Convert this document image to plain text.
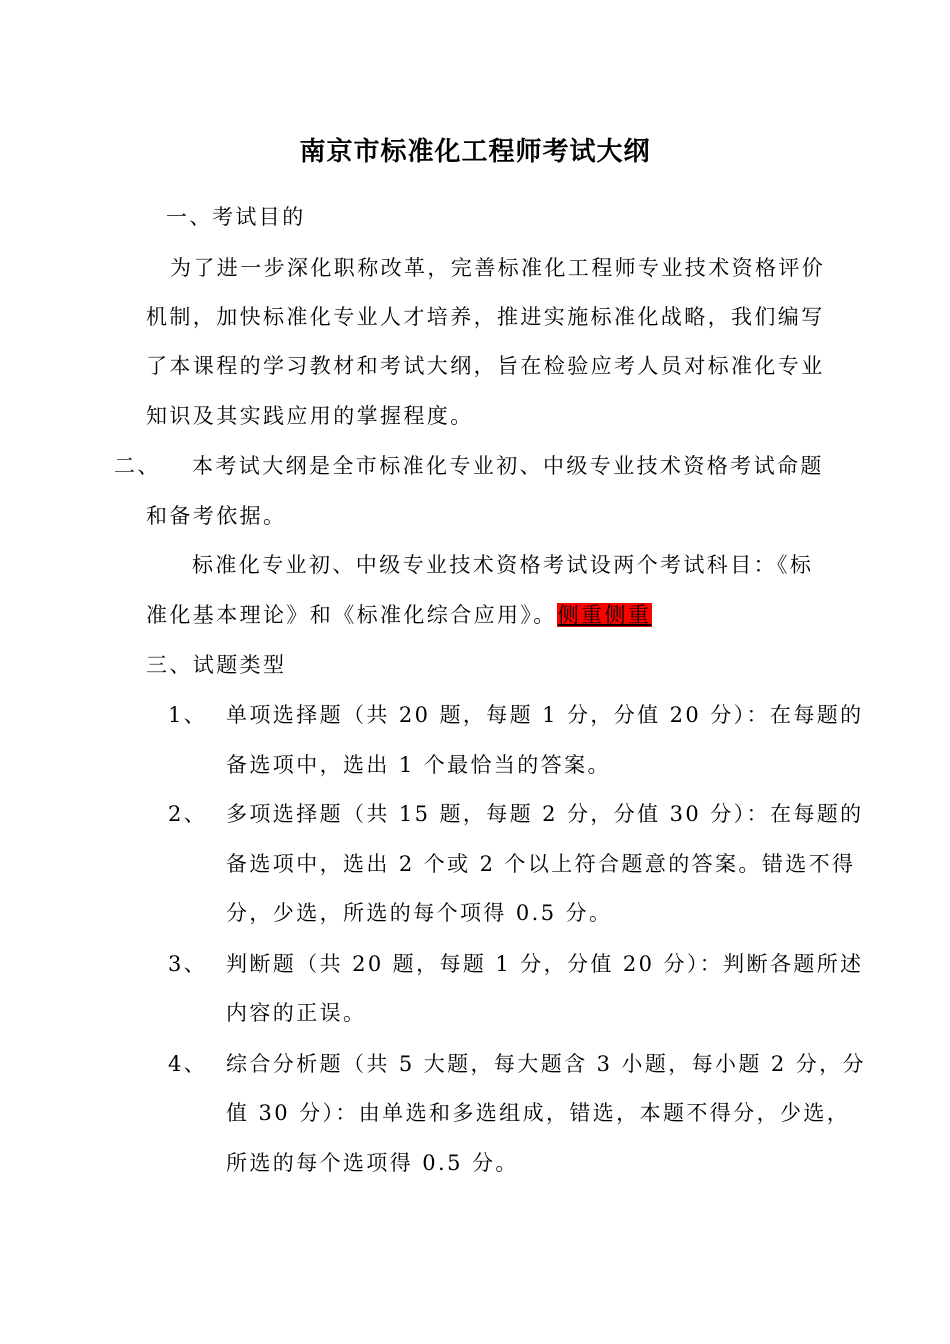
南京市标准化工程师考试大纲
一、 考试目的
为了进一步深化职称改革，完善标准化工程师专业技术资格评价
机制，加快标准化专业人才培养，推进实施标准化战略，我们编写
了本课程的学习教材和考试大纲，旨在检验应考人员对标准化专业
知识及其实践应用的掌握程度。
二、 本考试大纲是全市标准化专业初、中级专业技术资格考试命题
和备考依据。
标准化专业初、中级专业技术资格考试设两个考试科目：《标
准化基本理论》和《标准化综合应用》。侧重侧重
三、试题类型
1、 单项选择题（共 20 题，每题 1 分，分值 20 分）：在每题的
备选项中，选出 1 个最恰当的答案。
2、 多项选择题（共 15 题，每题 2 分，分值 30 分）：在每题的
备选项中，选出 2 个或 2 个以上符合题意的答案。错选不得
分，少选，所选的每个项得 0.5 分。
3、 判断题（共 20 题，每题 1 分，分值 20 分）：判断各题所述
内容的正误。
4、 综合分析题（共 5 大题，每大题含 3 小题，每小题 2 分，分
值 30 分）：由单选和多选组成，错选，本题不得分，少选，
所选的每个选项得 0.5 分。
